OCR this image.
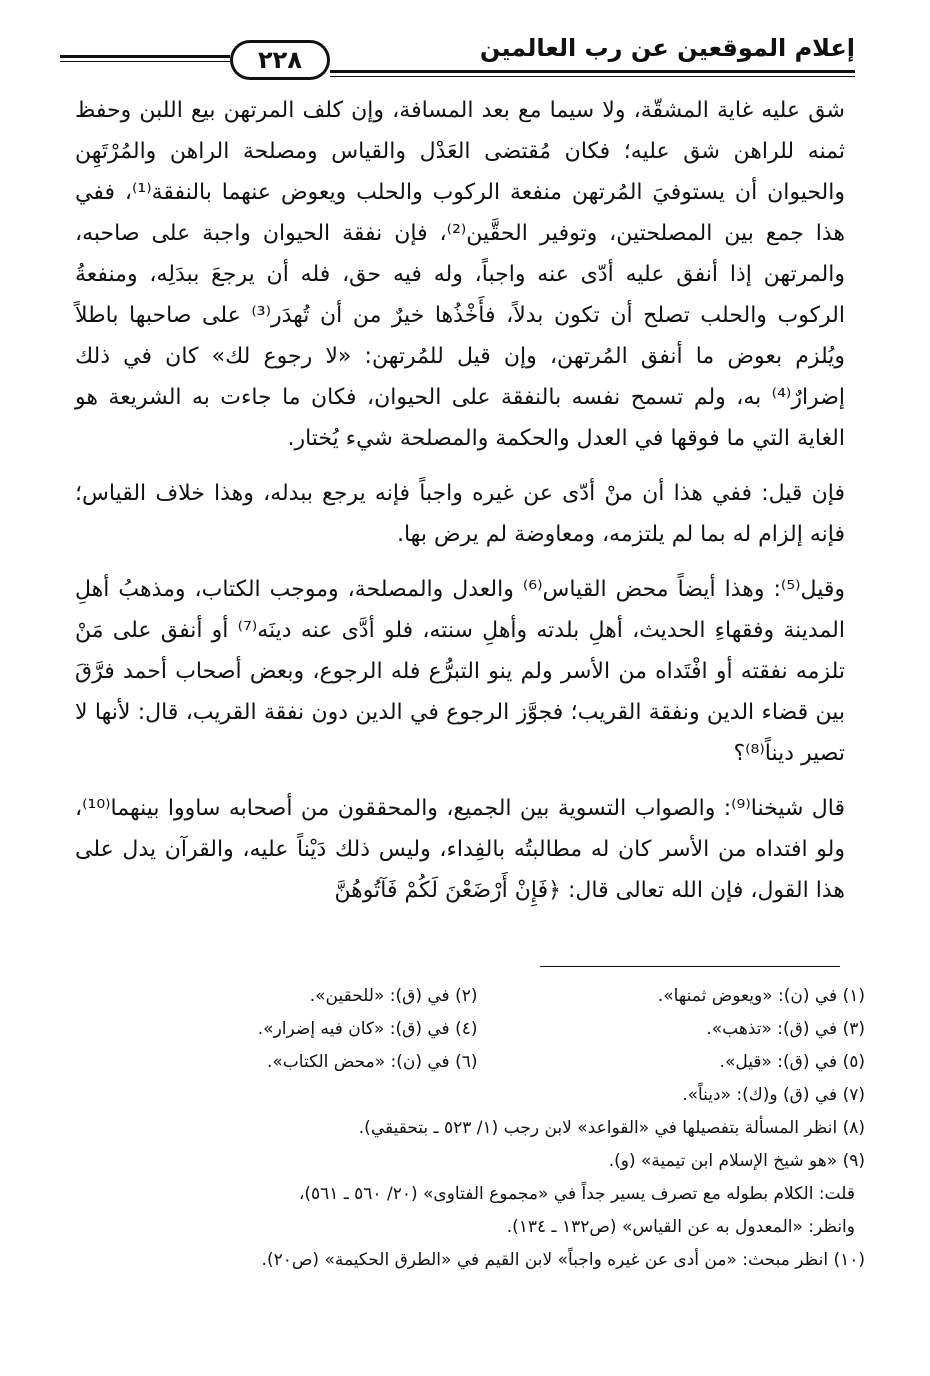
٢٢٨	إعلام الموقعين عن رب العالمين

شق عليه غاية المشقّة، ولا سيما مع بعد المسافة، وإن كلف المرتهن بيع اللبن وحفظ ثمنه للراهن شق عليه؛ فكان مُقتضى العَدْل والقياس ومصلحة الراهن والمُرْتَهِن والحيوان أن يستوفيَ المُرتهن منفعة الركوب والحلب ويعوض عنهما بالنفقة⁽¹⁾، ففي هذا جمع بين المصلحتين، وتوفير الحقَّين⁽²⁾، فإن نفقة الحيوان واجبة على صاحبه، والمرتهن إذا أنفق عليه أدّى عنه واجباً، وله فيه حق، فله أن يرجعَ ببدَلِه، ومنفعةُ الركوب والحلب تصلح أن تكون بدلاً، فأَخْذُها خيرٌ من أن تُهدَر⁽³⁾ على صاحبها باطلاً ويُلزم بعوض ما أنفق المُرتهن، وإن قيل للمُرتهن: «لا رجوع لك» كان في ذلك إضرارٌ⁽⁴⁾ به، ولم تسمح نفسه بالنفقة على الحيوان، فكان ما جاءت به الشريعة هو الغاية التي ما فوقها في العدل والحكمة والمصلحة شيء يُختار.

فإن قيل: ففي هذا أن منْ أدّى عن غيره واجباً فإنه يرجع ببدله، وهذا خلاف القياس؛ فإنه إلزام له بما لم يلتزمه، ومعاوضة لم يرض بها.

وقيل⁽⁵⁾: وهذا أيضاً محض القياس⁽⁶⁾ والعدل والمصلحة، وموجب الكتاب، ومذهبُ أهلِ المدينة وفقهاءِ الحديث، أهلِ بلدته وأهلِ سنته، فلو أدَّى عنه دينَه⁽⁷⁾ أو أنفق على مَنْ تلزمه نفقته أو افْتَداه من الأسر ولم ينو التبرُّع فله الرجوع، وبعض أصحاب أحمد فرَّقَ بين قضاء الدين ونفقة القريب؛ فجوَّز الرجوع في الدين دون نفقة القريب، قال: لأنها لا تصير ديناً⁽⁸⁾؟

قال شيخنا⁽⁹⁾: والصواب التسوية بين الجميع، والمحققون من أصحابه ساووا بينهما⁽¹⁰⁾، ولو افتداه من الأسر كان له مطالبتُه بالفِداء، وليس ذلك دَيْناً عليه، والقرآن يدل على هذا القول، فإن الله تعالى قال: ﴿فَإِنْ أَرْضَعْنَ لَكُمْ فَآتُوهُنَّ

(١) في (ن): «ويعوض ثمنها».
(٢) في (ق): «للحقين».
(٣) في (ق): «تذهب».
(٤) في (ق): «كان فيه إضرار».
(٥) في (ق): «قيل».
(٦) في (ن): «محض الكتاب».
(٧) في (ق) و(ك): «ديناً».
(٨) انظر المسألة بتفصيلها في «القواعد» لابن رجب (١/ ٥٢٣ ـ بتحقيقي).
(٩) «هو شيخ الإسلام ابن تيمية» (و).
قلت: الكلام بطوله مع تصرف يسير جداً في «مجموع الفتاوى» (٢٠/ ٥٦٠ ـ ٥٦١)،
وانظر: «المعدول به عن القياس» (ص١٣٢ ـ ١٣٤).
(١٠) انظر مبحث: «من أدى عن غيره واجباً» لابن القيم في «الطرق الحكيمة» (ص٢٠).
